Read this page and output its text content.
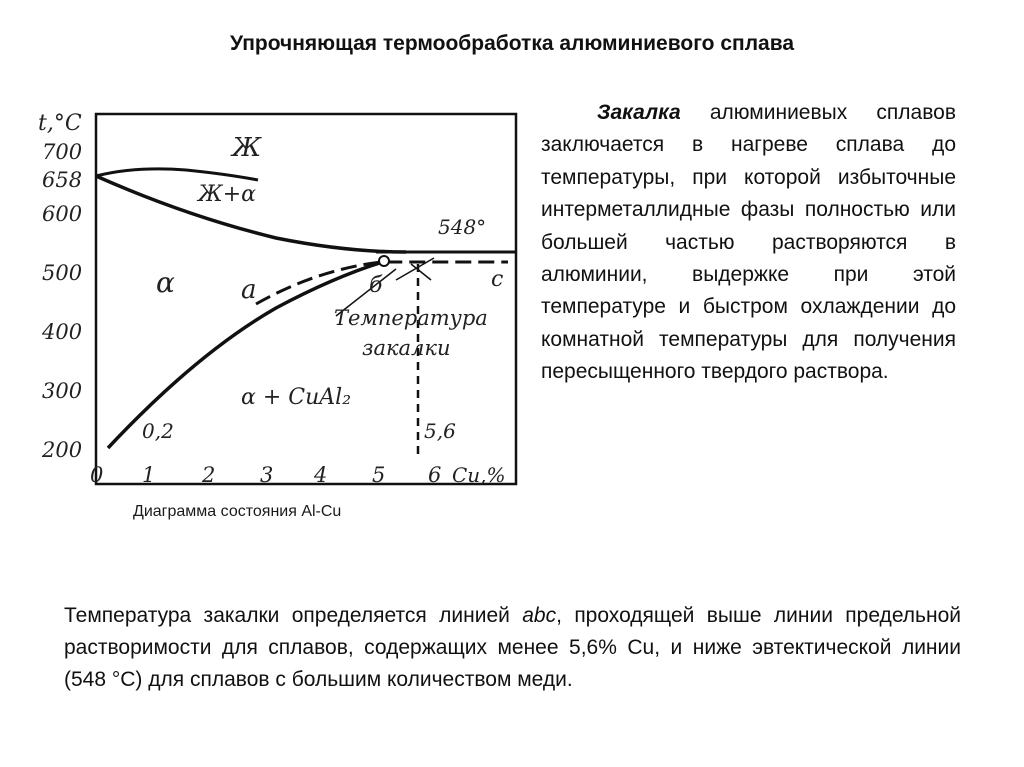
Упрочняющая термообработка алюминиевого сплава
t,°C
700
658
600
500
400
300
200
0 1 2 3 4 5 6 Cu,%
Ж
Ж+α
α
α + CuAl₂
a	б	c
548°
0,2	5,6
Температура
закалки
Диаграмма состояния Al-Cu
Закалка алюминиевых сплавов заключается в нагреве сплава до температуры, при которой избыточные интерметаллидные фазы полностью или большей частью растворяются в алюминии, выдержке при этой температуре и быстром охлаждении до комнатной температуры для получения пересыщенного твердого раствора.
Температура закалки определяется линией abc, проходящей выше линии предельной растворимости для сплавов, содержащих менее 5,6% Cu, и ниже эвтектической линии (548 °C) для сплавов с большим количеством меди.
